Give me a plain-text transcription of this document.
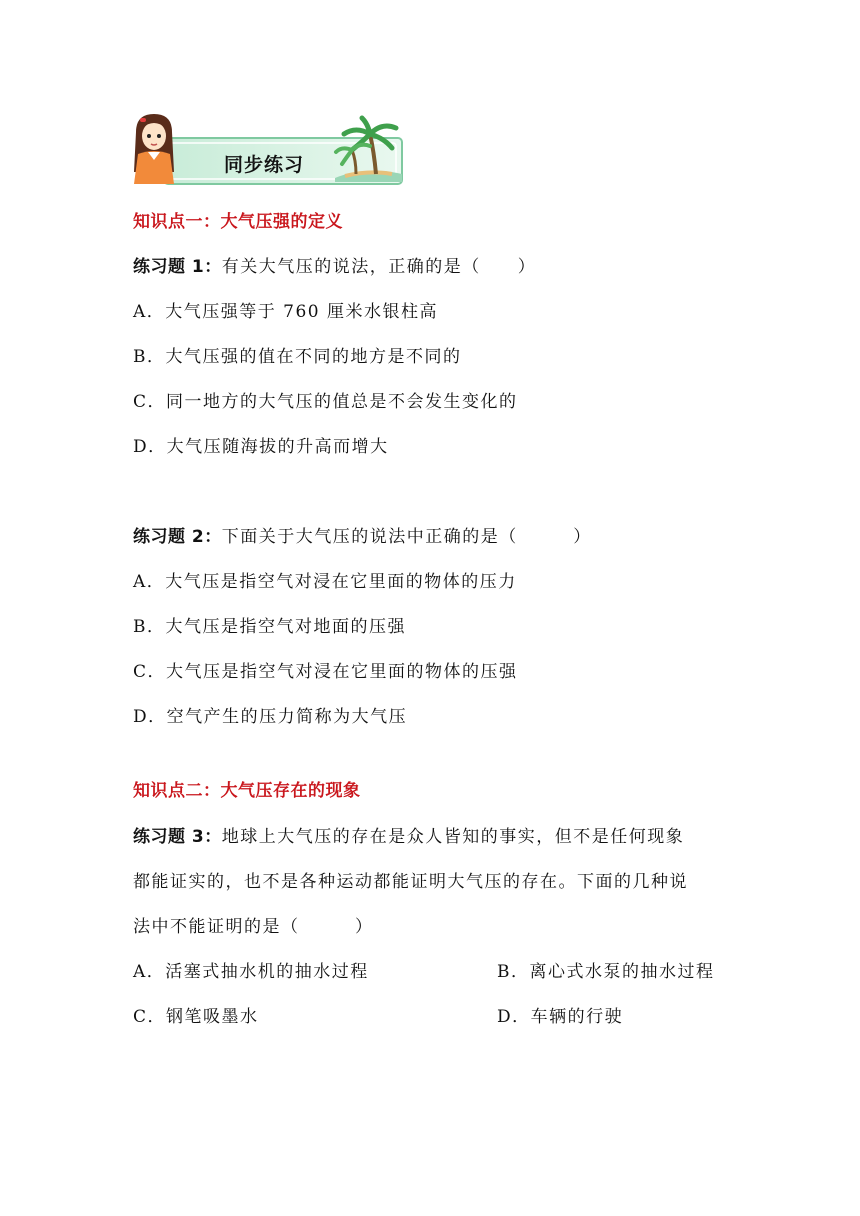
同步练习
知识点一：大气压强的定义
练习题 1：有关大气压的说法，正确的是（　　）
A．大气压强等于 760 厘米水银柱高
B．大气压强的值在不同的地方是不同的
C．同一地方的大气压的值总是不会发生变化的
D．大气压随海拔的升高而增大
练习题 2：下面关于大气压的说法中正确的是（　　　）
A．大气压是指空气对浸在它里面的物体的压力
B．大气压是指空气对地面的压强
C．大气压是指空气对浸在它里面的物体的压强
D．空气产生的压力简称为大气压
知识点二：大气压存在的现象
练习题 3：地球上大气压的存在是众人皆知的事实，但不是任何现象
都能证实的，也不是各种运动都能证明大气压的存在。下面的几种说
法中不能证明的是（　　　）
A．活塞式抽水机的抽水过程	B．离心式水泵的抽水过程
C．钢笔吸墨水	D．车辆的行驶
